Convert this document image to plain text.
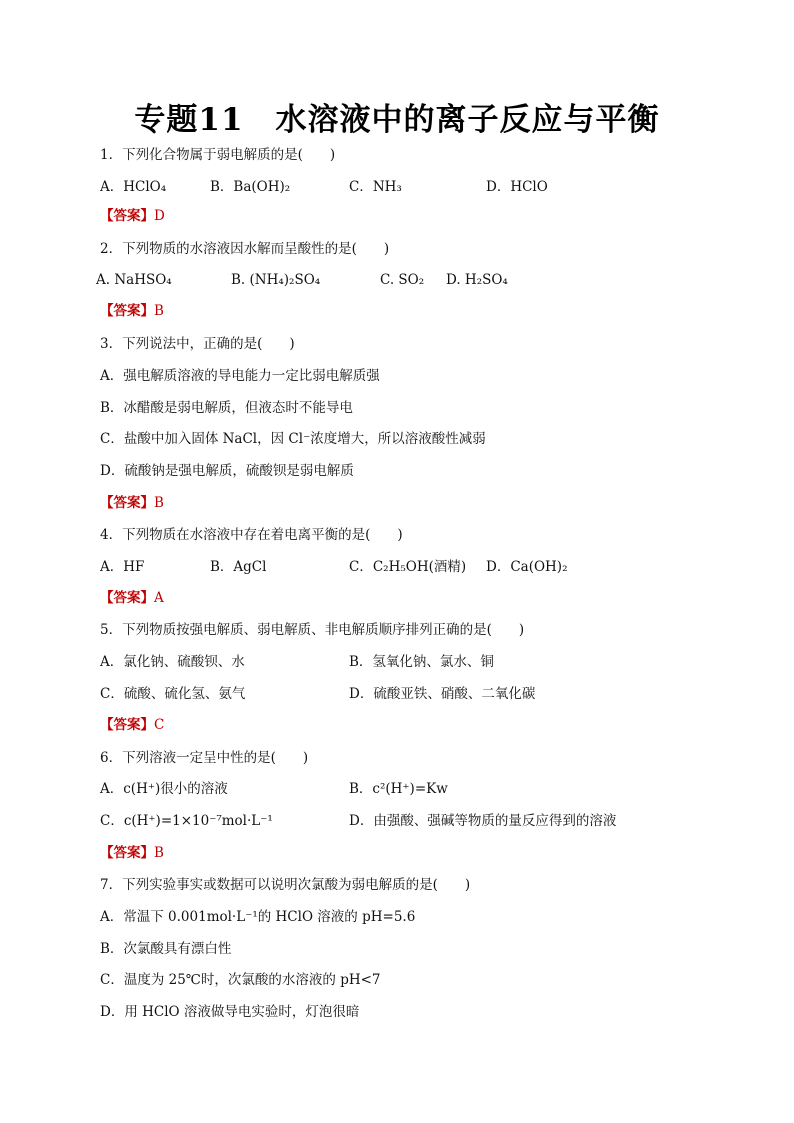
专题11　水溶液中的离子反应与平衡
1．下列化合物属于弱电解质的是(　　)
A．HClO₄	B．Ba(OH)₂	C．NH₃	D．HClO
【答案】D
2．下列物质的水溶液因水解而呈酸性的是(　　)
A. NaHSO₄	B. (NH₄)₂SO₄	C. SO₂ D. H₂SO₄
【答案】B
3．下列说法中，正确的是(　　)
A．强电解质溶液的导电能力一定比弱电解质强
B．冰醋酸是弱电解质，但液态时不能导电
C．盐酸中加入固体 NaCl，因 Cl⁻浓度增大，所以溶液酸性减弱
D．硫酸钠是强电解质，硫酸钡是弱电解质
【答案】B
4．下列物质在水溶液中存在着电离平衡的是(　　)
A．HF	B．AgCl	C．C₂H₅OH(酒精) D．Ca(OH)₂
【答案】A
5．下列物质按强电解质、弱电解质、非电解质顺序排列正确的是(　　)
A．氯化钠、硫酸钡、水	B．氢氧化钠、氯水、铜
C．硫酸、硫化氢、氨气	D．硫酸亚铁、硝酸、二氧化碳
【答案】C
6．下列溶液一定呈中性的是(　　)
A．c(H⁺)很小的溶液	B．c²(H⁺)=Kw
C．c(H⁺)=1×10⁻⁷mol·L⁻¹	D．由强酸、强碱等物质的量反应得到的溶液
【答案】B
7．下列实验事实或数据可以说明次氯酸为弱电解质的是(　　)
A．常温下 0.001mol·L⁻¹的 HClO 溶液的 pH=5.6
B．次氯酸具有漂白性
C．温度为 25℃时，次氯酸的水溶液的 pH<7
D．用 HClO 溶液做导电实验时，灯泡很暗
